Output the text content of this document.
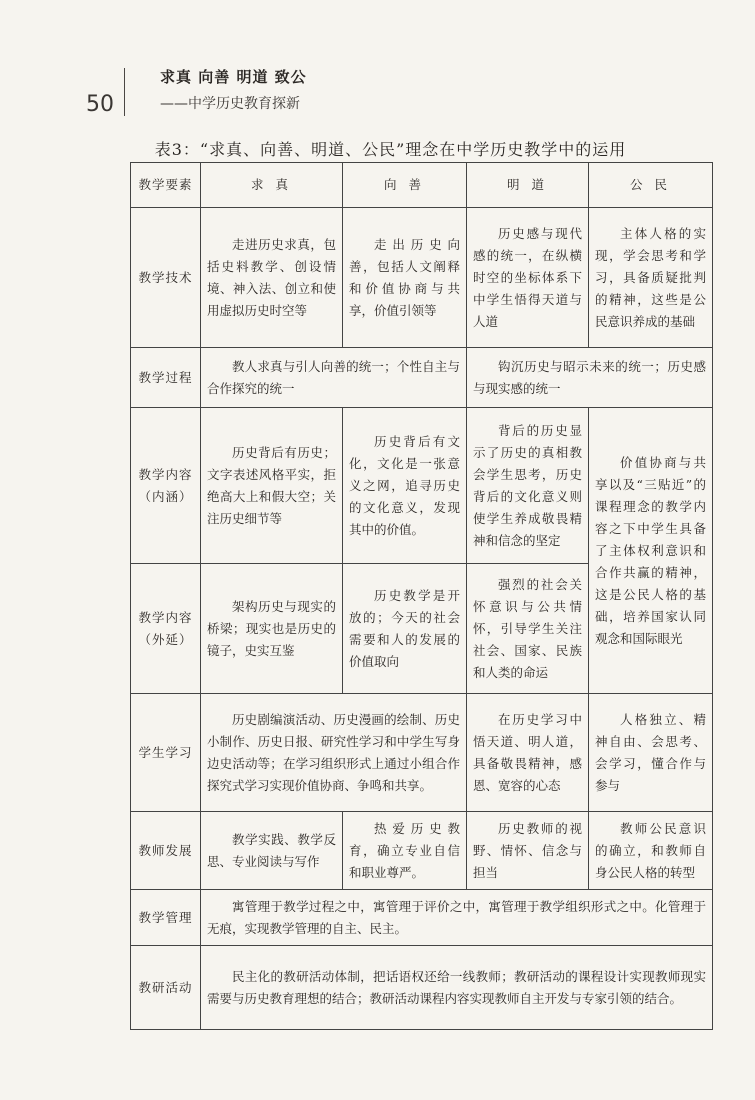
50
求真 向善 明道 致公
——中学历史教育探新
表3：“求真、向善、明道、公民”理念在中学历史教学中的运用
教学要素	求 真	向 善	明 道	公 民
教学技术	走进历史求真，包括史料教学、创设情境、神入法、创立和使用虚拟历史时空等	走出历史向善，包括人文阐释和价值协商与共享，价值引领等	历史感与现代感的统一，在纵横时空的坐标体系下中学生悟得天道与人道	主体人格的实现，学会思考和学习，具备质疑批判的精神，这些是公民意识养成的基础
教学过程	教人求真与引人向善的统一；个性自主与合作探究的统一		钩沉历史与昭示未来的统一；历史感与现实感的统一	
教学内容（内涵）	历史背后有历史；文字表述风格平实，拒绝高大上和假大空；关注历史细节等	历史背后有文化，文化是一张意义之网，追寻历史的文化意义，发现其中的价值。	背后的历史显示了历史的真相教会学生思考，历史背后的文化意义则使学生养成敬畏精神和信念的坚定	价值协商与共享以及“三贴近”的课程理念的教学内容之下中学生具备了主体权利意识和合作共赢的精神，这是公民人格的基础，培养国家认同观念和国际眼光
教学内容（外延）	架构历史与现实的桥梁；现实也是历史的镜子，史实互鉴	历史教学是开放的；今天的社会需要和人的发展的价值取向	强烈的社会关怀意识与公共情怀，引导学生关注社会、国家、民族和人类的命运	
学生学习	历史剧编演活动、历史漫画的绘制、历史小制作、历史日报、研究性学习和中学生写身边史活动等；在学习组织形式上通过小组合作探究式学习实现价值协商、争鸣和共享。		在历史学习中悟天道、明人道，具备敬畏精神，感恩、宽容的心态	人格独立、精神自由、会思考、会学习，懂合作与参与
教师发展	教学实践、教学反思、专业阅读与写作	热爱历史教育，确立专业自信和职业尊严。	历史教师的视野、情怀、信念与担当	教师公民意识的确立，和教师自身公民人格的转型
教学管理	寓管理于教学过程之中，寓管理于评价之中，寓管理于教学组织形式之中。化管理于无痕，实现教学管理的自主、民主。			
教研活动	民主化的教研活动体制，把话语权还给一线教师；教研活动的课程设计实现教师现实需要与历史教育理想的结合；教研活动课程内容实现教师自主开发与专家引领的结合。			
